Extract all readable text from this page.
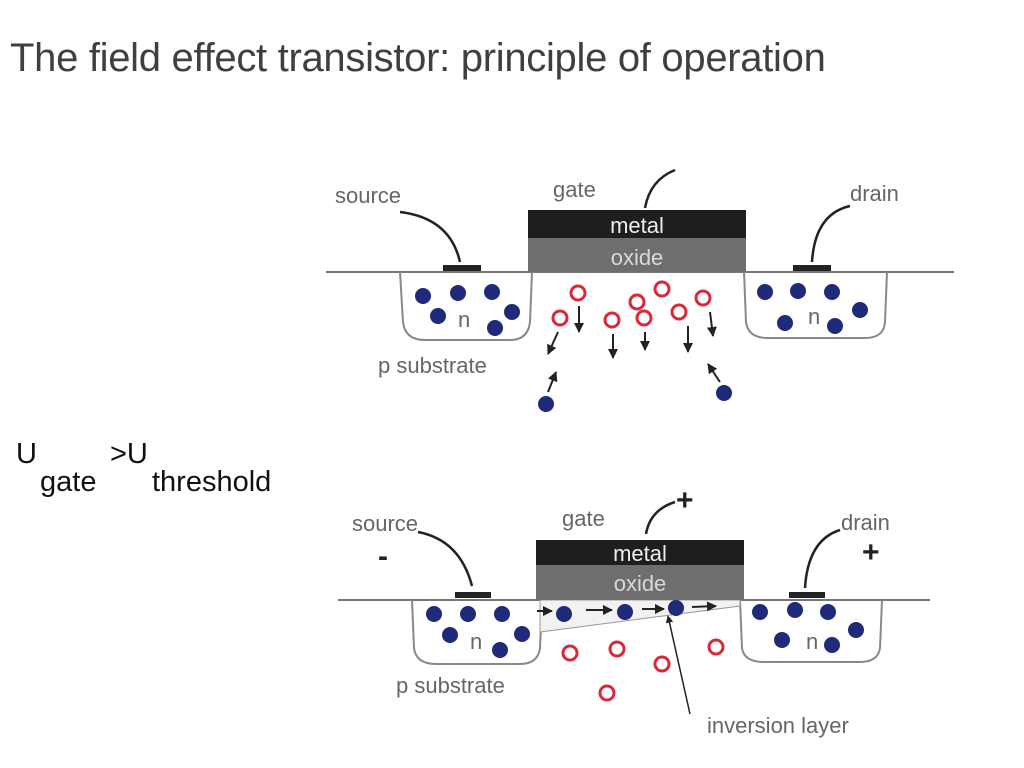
The field effect transistor: principle of operation
U
gate
>U
threshold
metal
oxide
source	gate	drain
n	n
p substrate
metal
oxide
source	gate	drain
n	n
p substrate
inversion layer
-
+
+
